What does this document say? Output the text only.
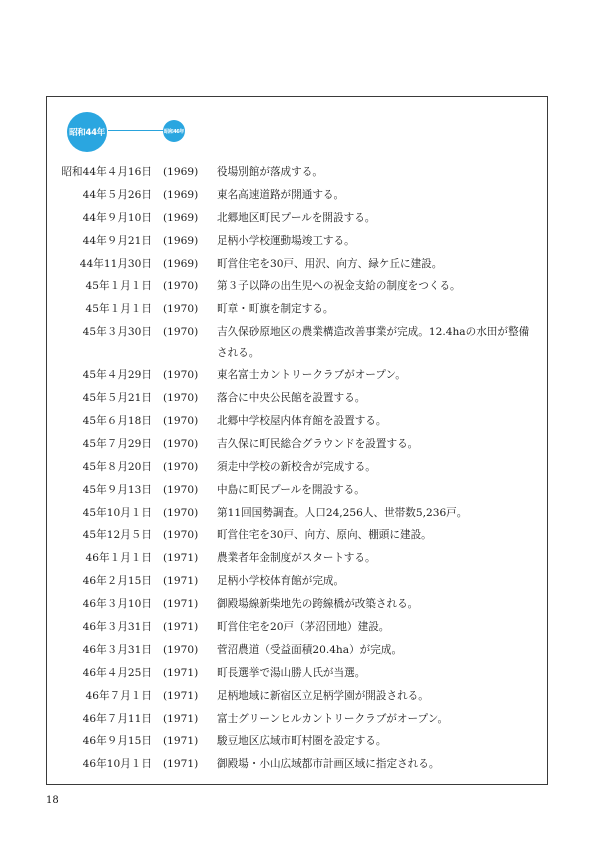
昭和44年	昭和46年
昭和44年４月16日 (1969) 役場別館が落成する。
44年５月26日 (1969) 東名高速道路が開通する。
44年９月10日 (1969) 北郷地区町民プールを開設する。
44年９月21日 (1969) 足柄小学校運動場竣工する。
44年11月30日 (1969) 町営住宅を30戸、用沢、向方、緑ケ丘に建設。
45年１月１日 (1970) 第３子以降の出生児への祝金支給の制度をつくる。
45年１月１日 (1970) 町章・町旗を制定する。
45年３月30日 (1970) 吉久保砂原地区の農業構造改善事業が完成。12.4haの水田が整備される。
45年４月29日 (1970) 東名富士カントリークラブがオープン。
45年５月21日 (1970) 落合に中央公民館を設置する。
45年６月18日 (1970) 北郷中学校屋内体育館を設置する。
45年７月29日 (1970) 吉久保に町民総合グラウンドを設置する。
45年８月20日 (1970) 須走中学校の新校舎が完成する。
45年９月13日 (1970) 中島に町民プールを開設する。
45年10月１日 (1970) 第11回国勢調査。人口24,256人、世帯数5,236戸。
45年12月５日 (1970) 町営住宅を30戸、向方、原向、棚頭に建設。
46年１月１日 (1971) 農業者年金制度がスタートする。
46年２月15日 (1971) 足柄小学校体育館が完成。
46年３月10日 (1971) 御殿場線新柴地先の跨線橋が改築される。
46年３月31日 (1971) 町営住宅を20戸（茅沼団地）建設。
46年３月31日 (1970) 菅沼農道（受益面積20.4ha）が完成。
46年４月25日 (1971) 町長選挙で湯山勝人氏が当選。
46年７月１日 (1971) 足柄地域に新宿区立足柄学園が開設される。
46年７月11日 (1971) 富士グリーンヒルカントリークラブがオープン。
46年９月15日 (1971) 駿豆地区広域市町村圏を設定する。
46年10月１日 (1971) 御殿場・小山広域都市計画区域に指定される。
18
